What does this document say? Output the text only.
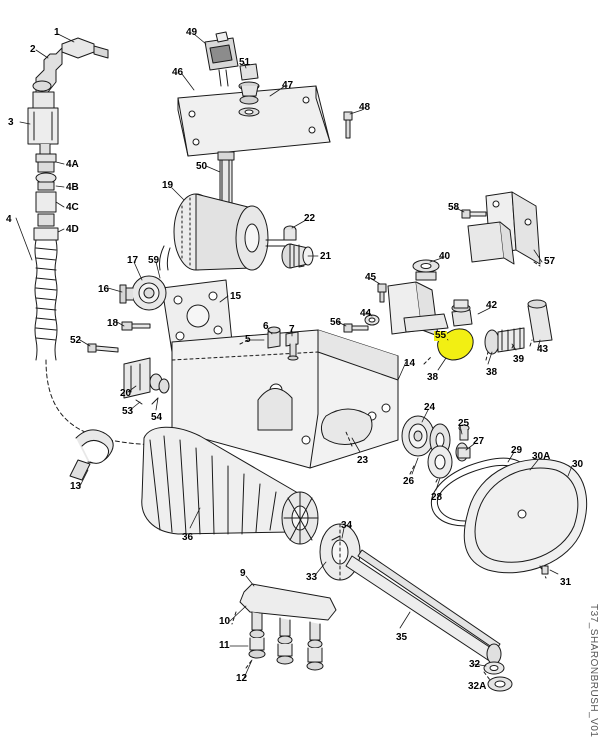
1
2
3
4
4A
4B
4C
4D
5
6 7
9
10
11
12
13
14
15
16
17
18
19
20
21
22
23
24
25
26
27
28
29
30
30A
31
32
32A
33
34
35
36
38	38
39
40
42
43
44
45
46
47
48
49
50
51
52
53
54
55
56
57
58
59
T37_SHARONBRUSH_V01
